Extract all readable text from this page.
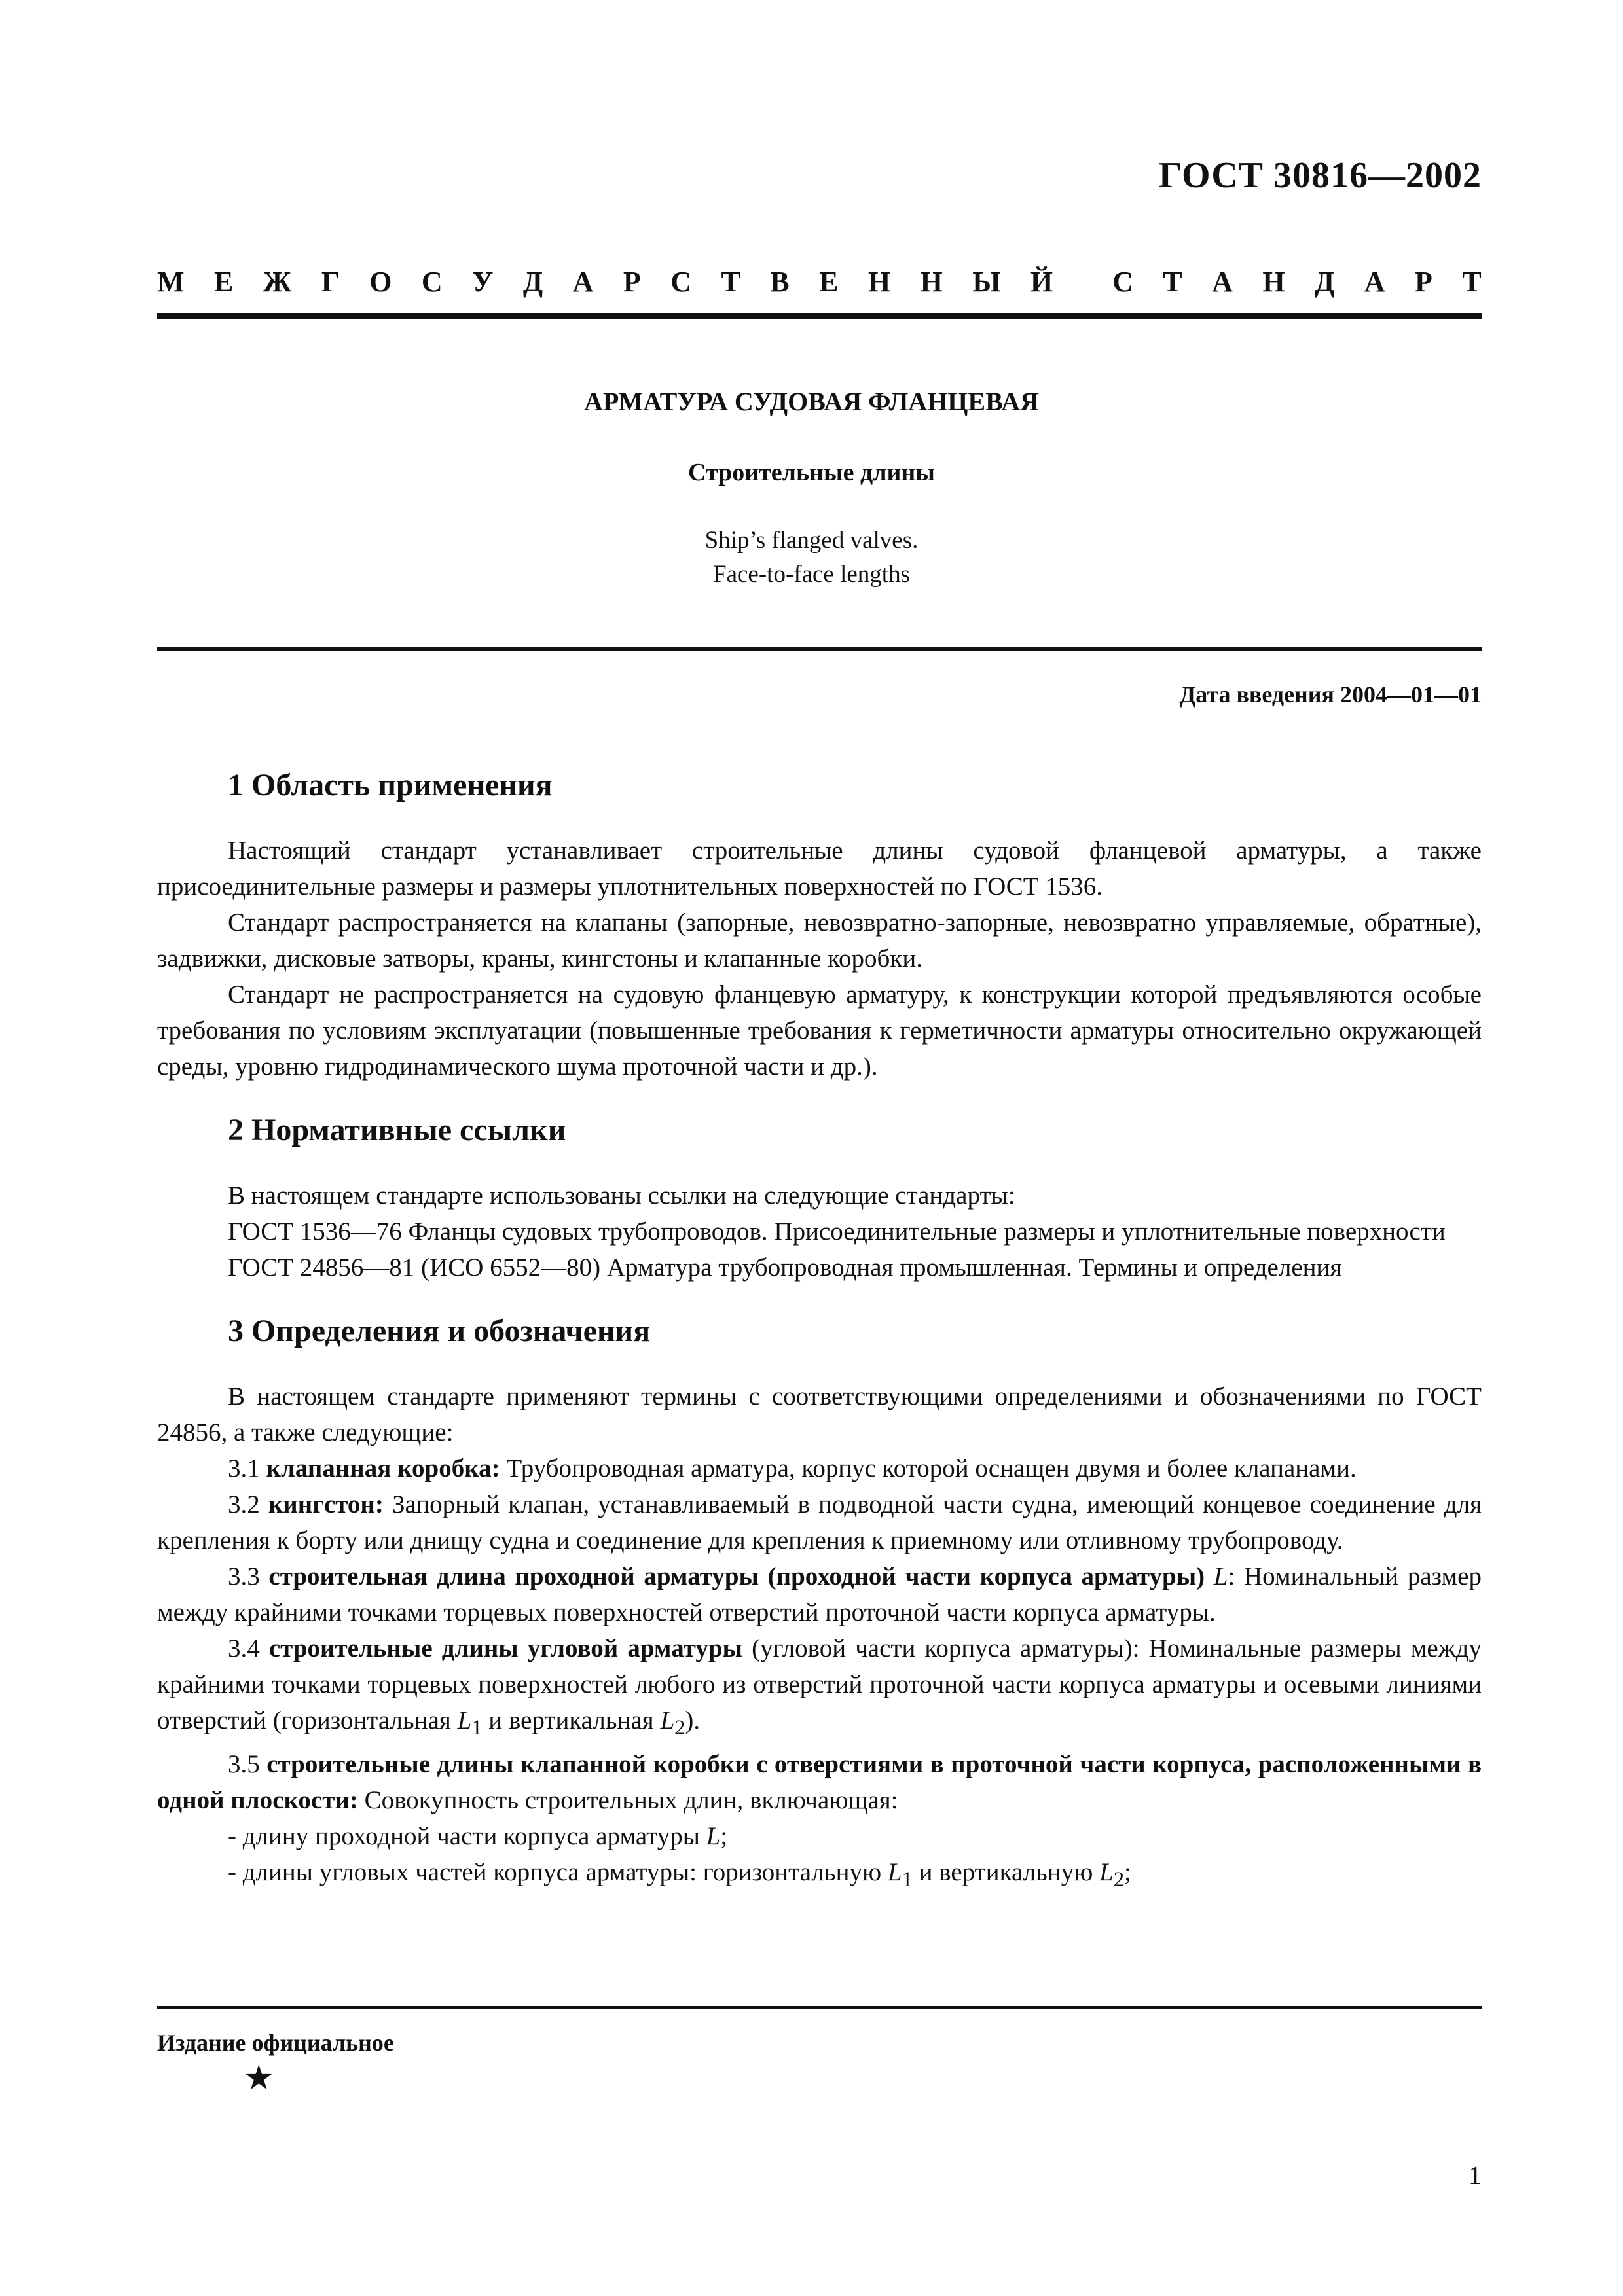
ГОСТ 30816—2002
М Е Ж Г О С У Д А Р С Т В Е Н Н Ы Й С Т А Н Д А Р Т
АРМАТУРА СУДОВАЯ ФЛАНЦЕВАЯ
Строительные длины
Ship’s flanged valves.
Face-to-face lengths
Дата введения 2004—01—01
1 Область применения

Настоящий стандарт устанавливает строительные длины судовой фланцевой арматуры, а также присоединительные размеры и размеры уплотнительных поверхностей по ГОСТ 1536.

Стандарт распространяется на клапаны (запорные, невозвратно-запорные, невозвратно управляемые, обратные), задвижки, дисковые затворы, краны, кингстоны и клапанные коробки.

Стандарт не распространяется на судовую фланцевую арматуру, к конструкции которой предъявляются особые требования по условиям эксплуатации (повышенные требования к герметичности арматуры относительно окружающей среды, уровню гидродинамического шума проточной части и др.).

2 Нормативные ссылки

В настоящем стандарте использованы ссылки на следующие стандарты:

ГОСТ 1536—76 Фланцы судовых трубопроводов. Присоединительные размеры и уплотнительные поверхности

ГОСТ 24856—81 (ИСО 6552—80) Арматура трубопроводная промышленная. Термины и определения

3 Определения и обозначения

В настоящем стандарте применяют термины с соответствующими определениями и обозначениями по ГОСТ 24856, а также следующие:

3.1 клапанная коробка: Трубопроводная арматура, корпус которой оснащен двумя и более клапанами.

3.2 кингстон: Запорный клапан, устанавливаемый в подводной части судна, имеющий концевое соединение для крепления к борту или днищу судна и соединение для крепления к приемному или отливному трубопроводу.

3.3 строительная длина проходной арматуры (проходной части корпуса арматуры) L: Номинальный размер между крайними точками торцевых поверхностей отверстий проточной части корпуса арматуры.

3.4 строительные длины угловой арматуры (угловой части корпуса арматуры): Номинальные размеры между крайними точками торцевых поверхностей любого из отверстий проточной части корпуса арматуры и осевыми линиями отверстий (горизонтальная $L_1$ и вертикальная $L_2$).

3.5 строительные длины клапанной коробки с отверстиями в проточной части корпуса, расположенными в одной плоскости: Совокупность строительных длин, включающая:

- длину проходной части корпуса арматуры L;

- длины угловых частей корпуса арматуры: горизонтальную $L_1$ и вертикальную $L_2$;

Издание официальное
★
1
